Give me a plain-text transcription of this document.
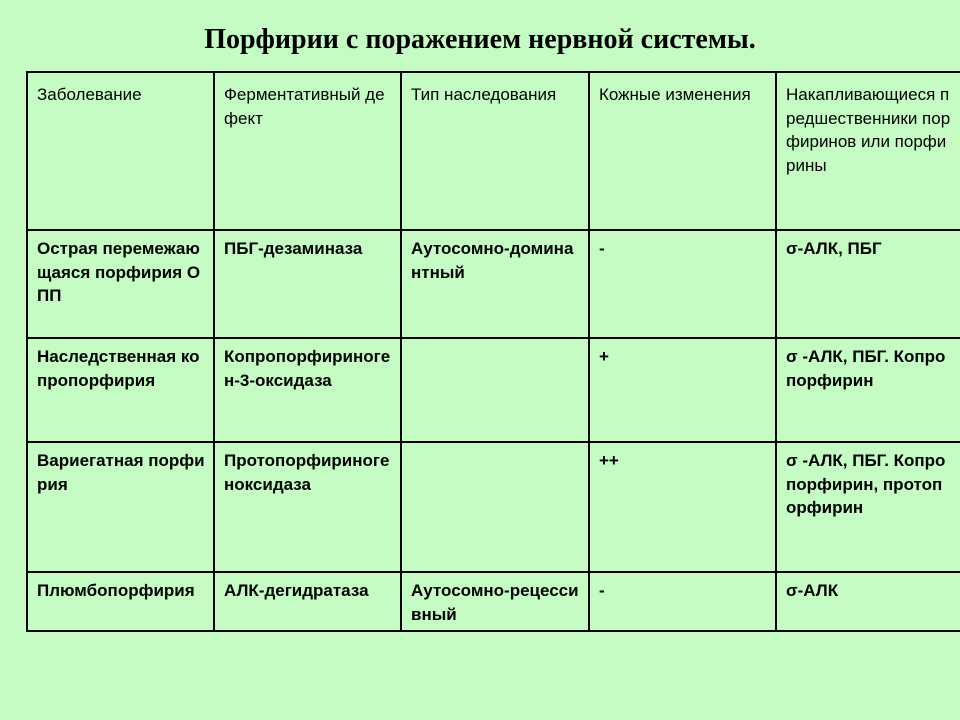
Порфирии с поражением нервной системы.
Заболевание	Ферментативный дефект	Тип наследования	Кожные изменения	Накапливающиеся предшественники порфиринов или порфирины
Острая перемежающаяся порфирия ОПП	ПБГ-дезаминаза	Аутосомно-доминантный	-	σ-АЛК, ПБГ
Наследственная копропорфирия	Копропорфириноген-3-оксидаза		+	σ -АЛК, ПБГ. Копропорфирин
Вариегатная порфирия	Протопорфириногеноксидаза		++	σ -АЛК, ПБГ. Копропорфирин, протопорфирин
Плюмбопорфирия	АЛК-дегидратаза	Аутосомно-рецессивный	-	σ-АЛК
